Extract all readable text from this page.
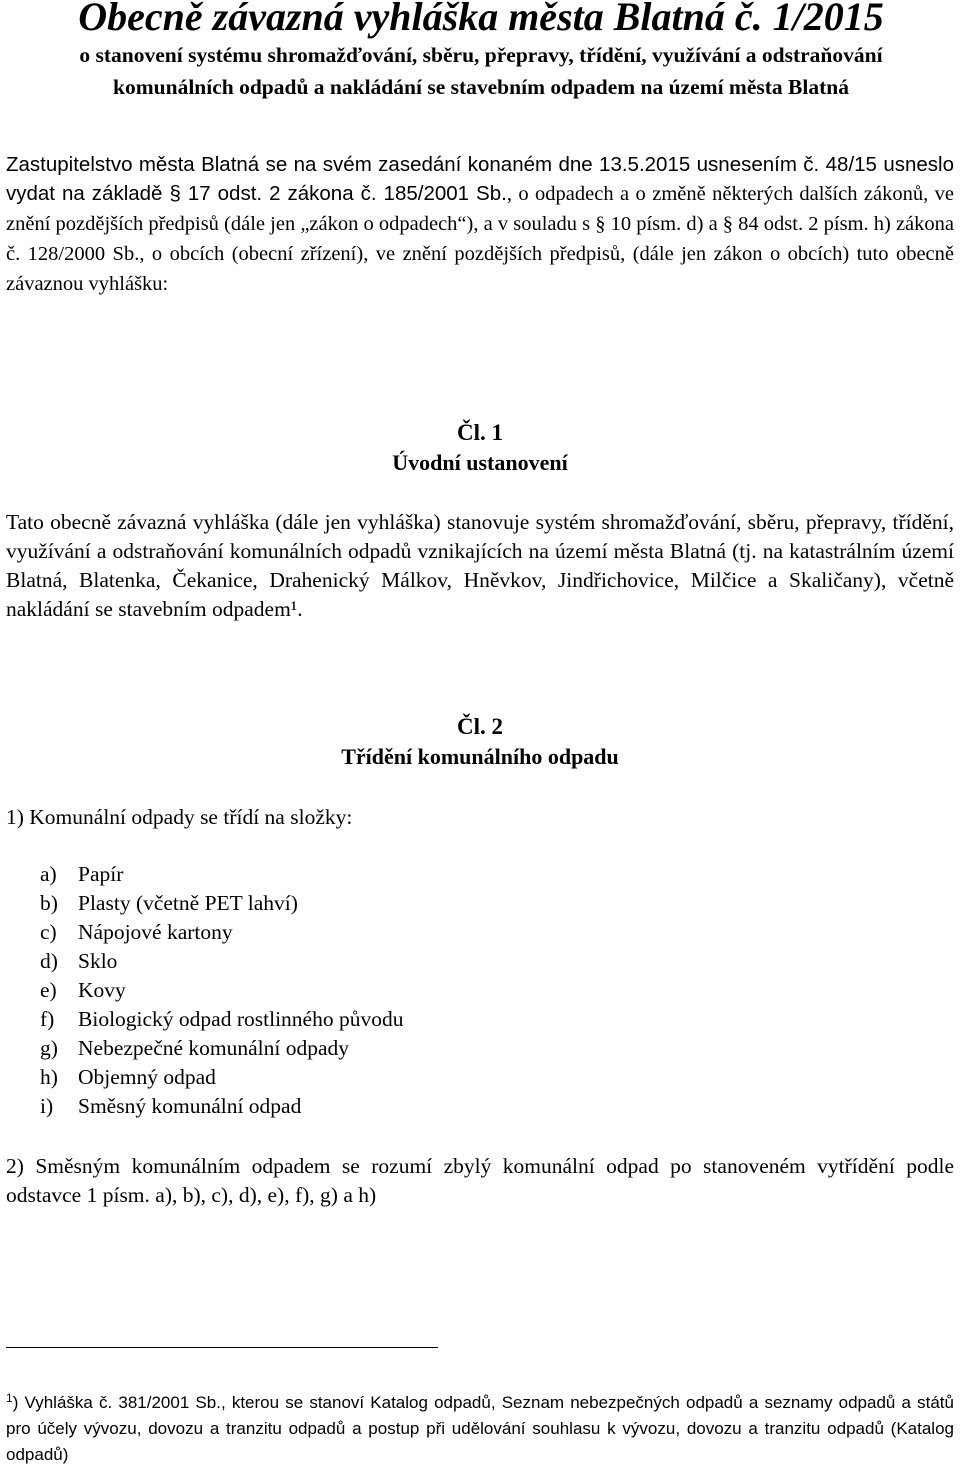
Obecně závazná vyhláška města Blatná č. 1/2015
o stanovení systému shromažďování, sběru, přepravy, třídění, využívání a odstraňování
komunálních odpadů a nakládání se stavebním odpadem na území města Blatná
Zastupitelstvo města Blatná se na svém zasedání konaném dne 13.5.2015 usnesením č. 48/15 usneslo vydat na základě § 17 odst. 2 zákona č. 185/2001 Sb., o odpadech a o změně některých dalších zákonů, ve znění pozdějších předpisů (dále jen „zákon o odpadech“), a v souladu s § 10 písm. d) a § 84 odst. 2 písm. h) zákona č. 128/2000 Sb., o obcích (obecní zřízení), ve znění pozdějších předpisů, (dále jen zákon o obcích) tuto obecně závaznou vyhlášku:
Čl. 1
Úvodní ustanovení
Tato obecně závazná vyhláška (dále jen vyhláška) stanovuje systém shromažďování, sběru, přepravy, třídění, využívání a odstraňování komunálních odpadů vznikajících na území města Blatná (tj. na katastrálním území Blatná, Blatenka, Čekanice, Drahenický Málkov, Hněvkov, Jindřichovice, Milčice a Skaličany), včetně nakládání se stavebním odpadem¹.
Čl. 2
Třídění komunálního odpadu
1) Komunální odpady se třídí na složky:
a) Papír
b) Plasty (včetně PET lahví)
c) Nápojové kartony
d) Sklo
e) Kovy
f)	Biologický odpad rostlinného původu
g) Nebezpečné komunální odpady
h) Objemný odpad
i)	Směsný komunální odpad
2) Směsným komunálním odpadem se rozumí zbylý komunální odpad po stanoveném vytřídění podle odstavce 1 písm. a), b), c), d), e), f), g) a h)
$^1$) Vyhláška č. 381/2001 Sb., kterou se stanoví Katalog odpadů, Seznam nebezpečných odpadů a seznamy odpadů a států pro účely vývozu, dovozu a tranzitu odpadů a postup při udělování souhlasu k vývozu, dovozu a tranzitu odpadů (Katalog odpadů)
